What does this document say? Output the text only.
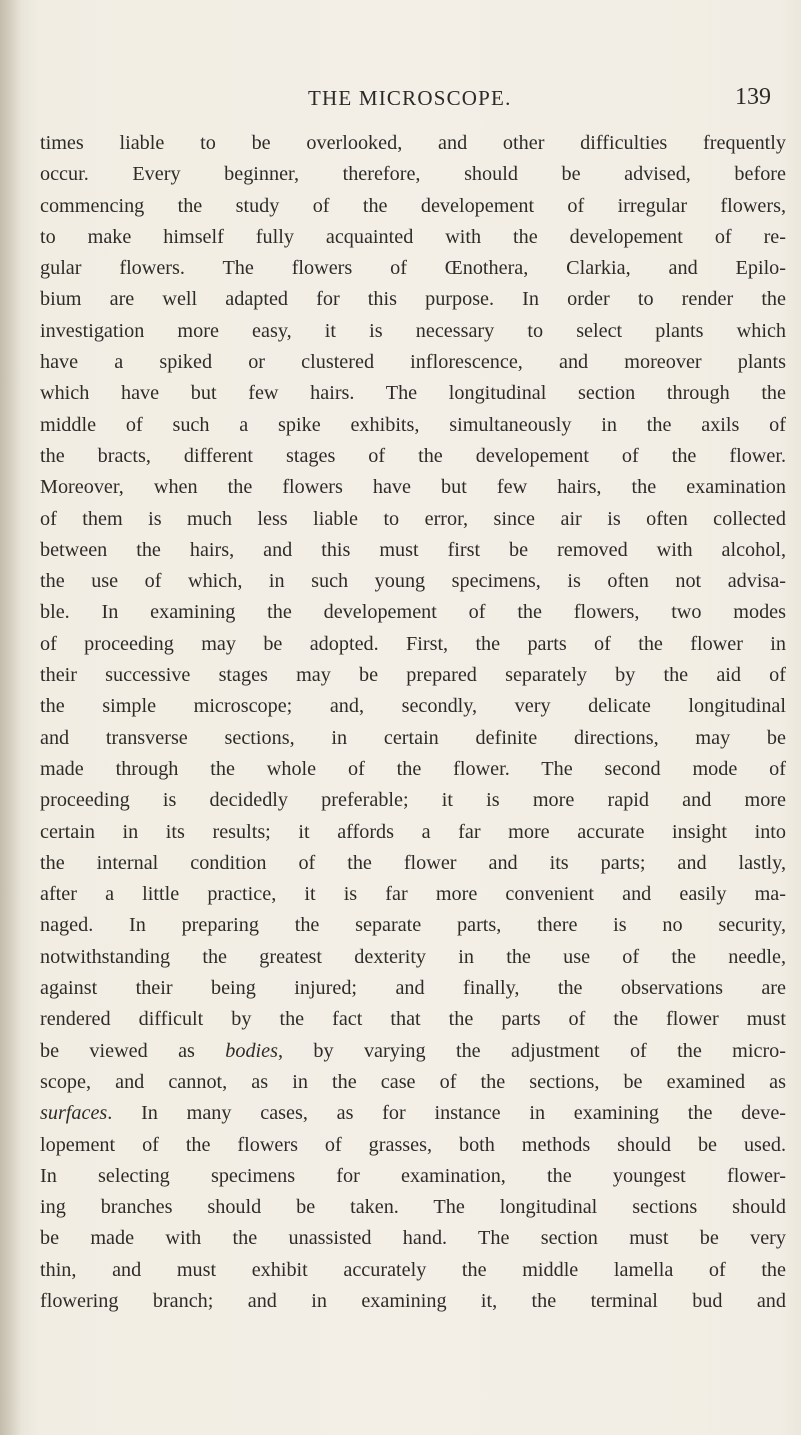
THE MICROSCOPE.	139
times liable to be overlooked, and other difficulties frequently
occur. Every beginner, therefore, should be advised, before
commencing the study of the developement of irregular flowers,
to make himself fully acquainted with the developement of re-
gular flowers. The flowers of Œnothera, Clarkia, and Epilo-
bium are well adapted for this purpose. In order to render the
investigation more easy, it is necessary to select plants which
have a spiked or clustered inflorescence, and moreover plants
which have but few hairs. The longitudinal section through the
middle of such a spike exhibits, simultaneously in the axils of
the bracts, different stages of the developement of the flower.
Moreover, when the flowers have but few hairs, the examination
of them is much less liable to error, since air is often collected
between the hairs, and this must first be removed with alcohol,
the use of which, in such young specimens, is often not advisa-
ble. In examining the developement of the flowers, two modes
of proceeding may be adopted. First, the parts of the flower in
their successive stages may be prepared separately by the aid of
the simple microscope; and, secondly, very delicate longitudinal
and transverse sections, in certain definite directions, may be
made through the whole of the flower. The second mode of
proceeding is decidedly preferable; it is more rapid and more
certain in its results; it affords a far more accurate insight into
the internal condition of the flower and its parts; and lastly,
after a little practice, it is far more convenient and easily ma-
naged. In preparing the separate parts, there is no security,
notwithstanding the greatest dexterity in the use of the needle,
against their being injured; and finally, the observations are
rendered difficult by the fact that the parts of the flower must
be viewed as bodies, by varying the adjustment of the micro-
scope, and cannot, as in the case of the sections, be examined as
surfaces. In many cases, as for instance in examining the deve-
lopement of the flowers of grasses, both methods should be used.
In selecting specimens for examination, the youngest flower-
ing branches should be taken. The longitudinal sections should
be made with the unassisted hand. The section must be very
thin, and must exhibit accurately the middle lamella of the
flowering branch; and in examining it, the terminal bud and
